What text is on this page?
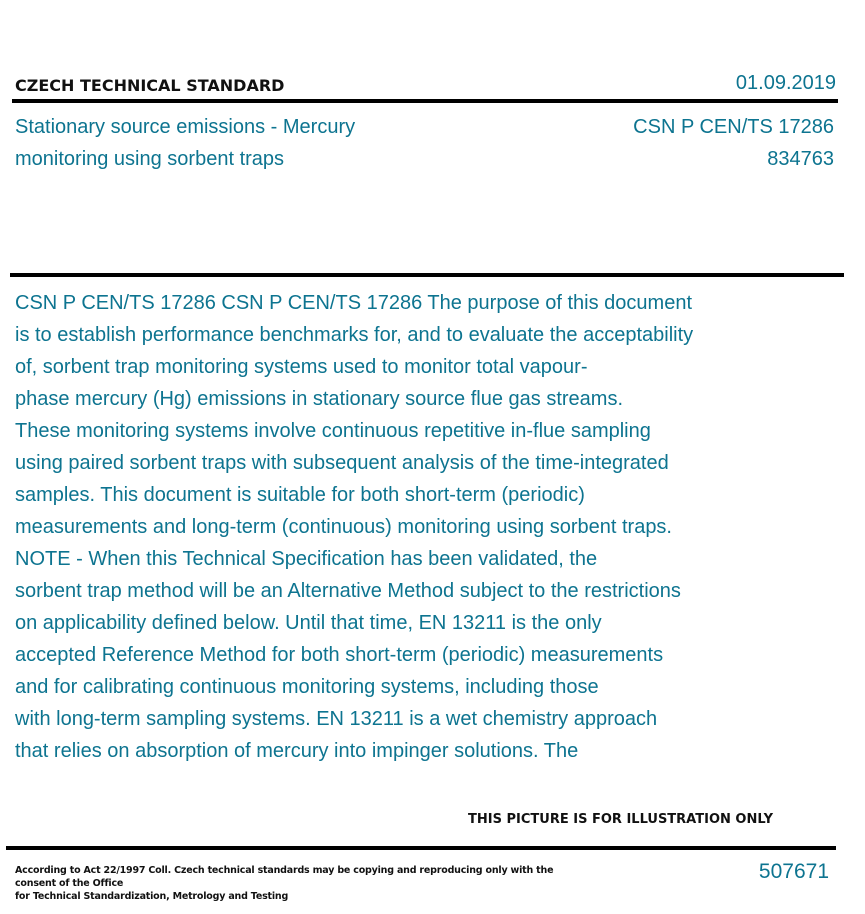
CZECH TECHNICAL STANDARD	01.09.2019
Stationary source emissions - Mercury
monitoring using sorbent traps
CSN P CEN/TS 17286
834763
CSN P CEN/TS 17286 CSN P CEN/TS 17286 The purpose of this document
is to establish performance benchmarks for, and to evaluate the acceptability
of, sorbent trap monitoring systems used to monitor total vapour-
phase mercury (Hg) emissions in stationary source flue gas streams.
These monitoring systems involve continuous repetitive in-flue sampling
using paired sorbent traps with subsequent analysis of the time-integrated
samples. This document is suitable for both short-term (periodic)
measurements and long-term (continuous) monitoring using sorbent traps.
NOTE - When this Technical Specification has been validated, the
sorbent trap method will be an Alternative Method subject to the restrictions
on applicability defined below. Until that time, EN 13211 is the only
accepted Reference Method for both short-term (periodic) measurements
and for calibrating continuous monitoring systems, including those
with long-term sampling systems. EN 13211 is a wet chemistry approach
that relies on absorption of mercury into impinger solutions. The
THIS PICTURE IS FOR ILLUSTRATION ONLY
According to Act 22/1997 Coll. Czech technical standards may be copying and reproducing only with the consent of the Office
for Technical Standardization, Metrology and Testing
507671
